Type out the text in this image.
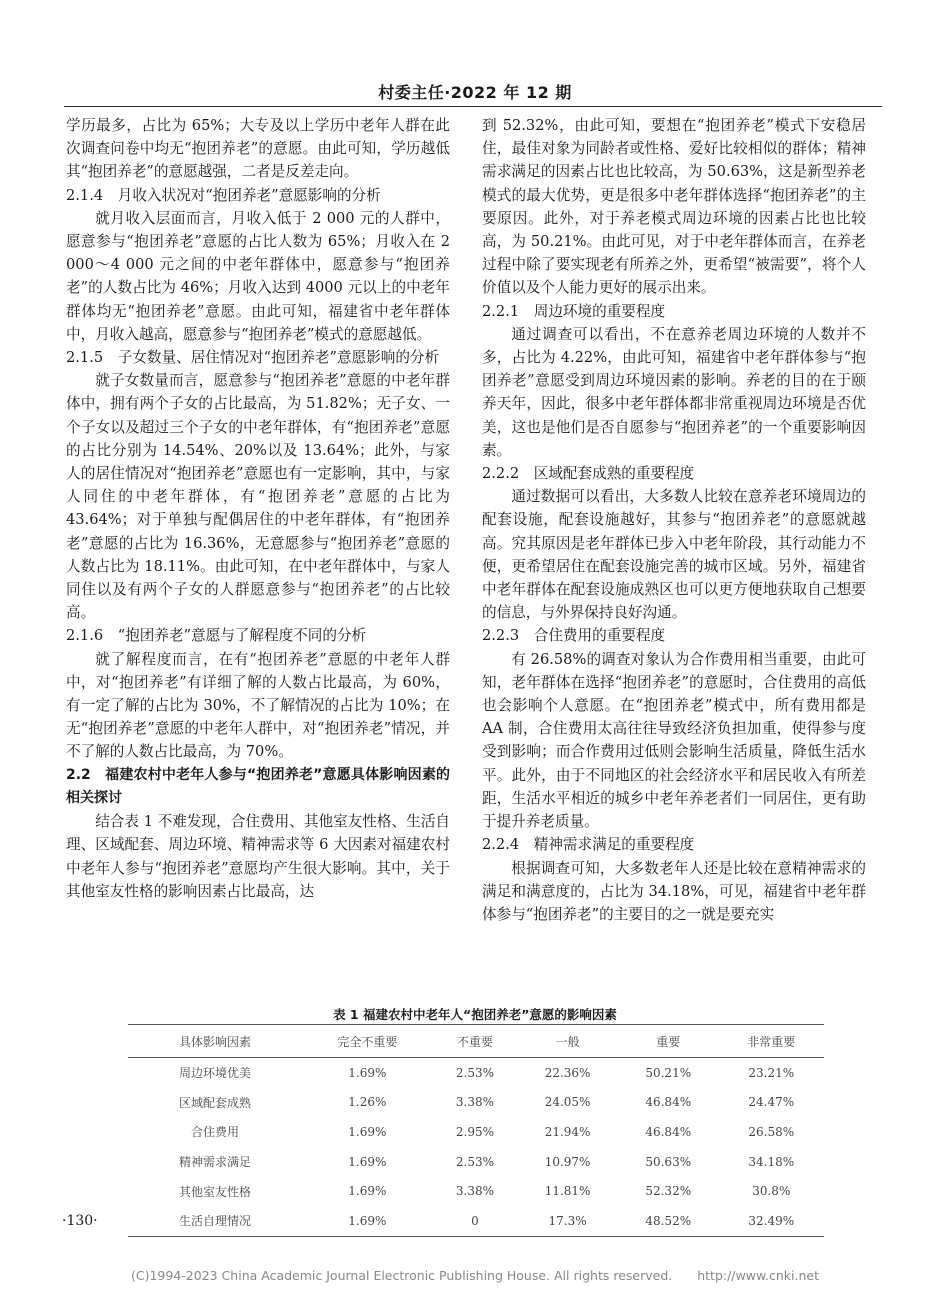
村委主任·2022 年 12 期

学历最多，占比为 65%；大专及以上学历中老年人群在此次调查问卷中均无“抱团养老”的意愿。由此可知，学历越低其“抱团养老”的意愿越强，二者是反差走向。

2.1.4　月收入状况对“抱团养老”意愿影响的分析

就月收入层面而言，月收入低于 2 000 元的人群中，愿意参与“抱团养老”意愿的占比人数为 65%；月收入在 2 000～4 000 元之间的中老年群体中，愿意参与“抱团养老”的人数占比为 46%；月收入达到 4000 元以上的中老年群体均无“抱团养老”意愿。由此可知，福建省中老年群体中，月收入越高，愿意参与“抱团养老”模式的意愿越低。

2.1.5　子女数量、居住情况对“抱团养老”意愿影响的分析

就子女数量而言，愿意参与“抱团养老”意愿的中老年群体中，拥有两个子女的占比最高，为 51.82%；无子女、一个子女以及超过三个子女的中老年群体，有“抱团养老”意愿的占比分别为 14.54%、20%以及 13.64%；此外，与家人的居住情况对“抱团养老”意愿也有一定影响，其中，与家人同住的中老年群体，有“抱团养老”意愿的占比为 43.64%；对于单独与配偶居住的中老年群体，有“抱团养老”意愿的占比为 16.36%，无意愿参与“抱团养老”意愿的人数占比为 18.11%。由此可知，在中老年群体中，与家人同住以及有两个子女的人群愿意参与“抱团养老”的占比较高。

2.1.6　“抱团养老”意愿与了解程度不同的分析

就了解程度而言，在有“抱团养老”意愿的中老年人群中，对“抱团养老”有详细了解的人数占比最高，为 60%，有一定了解的占比为 30%，不了解情况的占比为 10%；在无“抱团养老”意愿的中老年人群中，对“抱团养老”情况，并不了解的人数占比最高，为 70%。

2.2　福建农村中老年人参与“抱团养老”意愿具体影响因素的相关探讨

结合表 1 不难发现，合住费用、其他室友性格、生活自理、区域配套、周边环境、精神需求等 6 大因素对福建农村中老年人参与“抱团养老”意愿均产生很大影响。其中，关于其他室友性格的影响因素占比最高，达

到 52.32%，由此可知，要想在“抱团养老”模式下安稳居住，最佳对象为同龄者或性格、爱好比较相似的群体；精神需求满足的因素占比也比较高，为 50.63%，这是新型养老模式的最大优势，更是很多中老年群体选择“抱团养老”的主要原因。此外，对于养老模式周边环境的因素占比也比较高，为 50.21%。由此可见，对于中老年群体而言，在养老过程中除了要实现老有所养之外，更希望“被需要”，将个人价值以及个人能力更好的展示出来。

2.2.1　周边环境的重要程度

通过调查可以看出，不在意养老周边环境的人数并不多，占比为 4.22%，由此可知，福建省中老年群体参与“抱团养老”意愿受到周边环境因素的影响。养老的目的在于颐养天年，因此，很多中老年群体都非常重视周边环境是否优美，这也是他们是否自愿参与“抱团养老”的一个重要影响因素。

2.2.2　区域配套成熟的重要程度

通过数据可以看出，大多数人比较在意养老环境周边的配套设施，配套设施越好，其参与“抱团养老”的意愿就越高。究其原因是老年群体已步入中老年阶段，其行动能力不便，更希望居住在配套设施完善的城市区域。另外，福建省中老年群体在配套设施成熟区也可以更方便地获取自己想要的信息，与外界保持良好沟通。

2.2.3　合住费用的重要程度

有 26.58%的调查对象认为合作费用相当重要，由此可知，老年群体在选择“抱团养老”的意愿时，合住费用的高低也会影响个人意愿。在“抱团养老”模式中，所有费用都是 AA 制，合住费用太高往往导致经济负担加重，使得参与度受到影响；而合作费用过低则会影响生活质量，降低生活水平。此外，由于不同地区的社会经济水平和居民收入有所差距，生活水平相近的城乡中老年养老者们一同居住，更有助于提升养老质量。

2.2.4　精神需求满足的重要程度

根据调查可知，大多数老年人还是比较在意精神需求的满足和满意度的，占比为 34.18%，可见，福建省中老年群体参与“抱团养老”的主要目的之一就是要充实

表 1 福建农村中老年人“抱团养老”意愿的影响因素
具体影响因素	完全不重要	不重要	一般	重要	非常重要
周边环境优美	1.69%	2.53%	22.36%	50.21%	23.21%
区域配套成熟	1.26%	3.38%	24.05%	46.84%	24.47%
合住费用	1.69%	2.95%	21.94%	46.84%	26.58%
精神需求满足	1.69%	2.53%	10.97%	50.63%	34.18%
其他室友性格	1.69%	3.38%	11.81%	52.32%	30.8%
生活自理情况	1.69%	0	17.3%	48.52%	32.49%
·130·
(C)1994-2023 China Academic Journal Electronic Publishing House. All rights reserved.　　http://www.cnki.net
